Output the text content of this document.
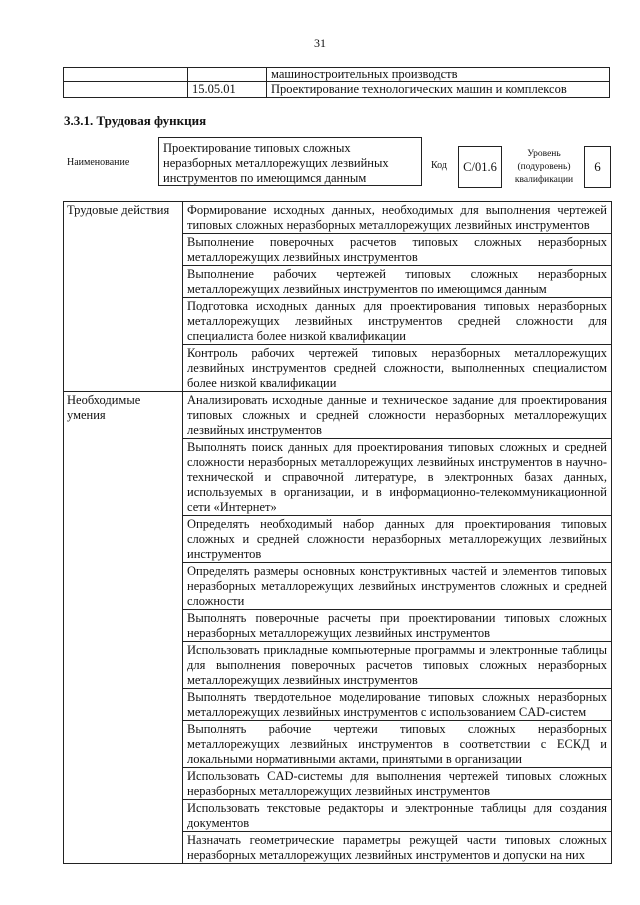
31
		машиностроительных производств
	15.05.01	Проектирование технологических машин и комплексов
3.3.1. Трудовая функция
Наименование
Проектирование типовых сложных неразборных металлорежущих лезвийных инструментов по имеющимся данным
Код	C/01.6
Уровень (подуровень) квалификации
6
Трудовые действия	Формирование исходных данных, необходимых для выполнения чертежей типовых сложных неразборных металлорежущих лезвийных инструментов
	Выполнение поверочных расчетов типовых сложных неразборных металлорежущих лезвийных инструментов
	Выполнение рабочих чертежей типовых сложных неразборных металлорежущих лезвийных инструментов по имеющимся данным
	Подготовка исходных данных для проектирования типовых неразборных металлорежущих лезвийных инструментов средней сложности для специалиста более низкой квалификации
	Контроль рабочих чертежей типовых неразборных металлорежущих лезвийных инструментов средней сложности, выполненных специалистом более низкой квалификации
Необходимые умения	Анализировать исходные данные и техническое задание для проектирования типовых сложных и средней сложности неразборных металлорежущих лезвийных инструментов
	Выполнять поиск данных для проектирования типовых сложных и средней сложности неразборных металлорежущих лезвийных инструментов в научно-технической и справочной литературе, в электронных базах данных, используемых в организации, и в информационно-телекоммуникационной сети «Интернет»
	Определять необходимый набор данных для проектирования типовых сложных и средней сложности неразборных металлорежущих лезвийных инструментов
	Определять размеры основных конструктивных частей и элементов типовых неразборных металлорежущих лезвийных инструментов сложных и средней сложности
	Выполнять поверочные расчеты при проектировании типовых сложных неразборных металлорежущих лезвийных инструментов
	Использовать прикладные компьютерные программы и электронные таблицы для выполнения поверочных расчетов типовых сложных неразборных металлорежущих лезвийных инструментов
	Выполнять твердотельное моделирование типовых сложных неразборных металлорежущих лезвийных инструментов с использованием CAD-систем
	Выполнять рабочие чертежи типовых сложных неразборных металлорежущих лезвийных инструментов в соответствии с ЕСКД и локальными нормативными актами, принятыми в организации
	Использовать CAD-системы для выполнения чертежей типовых сложных неразборных металлорежущих лезвийных инструментов
	Использовать текстовые редакторы и электронные таблицы для создания документов
	Назначать геометрические параметры режущей части типовых сложных неразборных металлорежущих лезвийных инструментов и допуски на них
